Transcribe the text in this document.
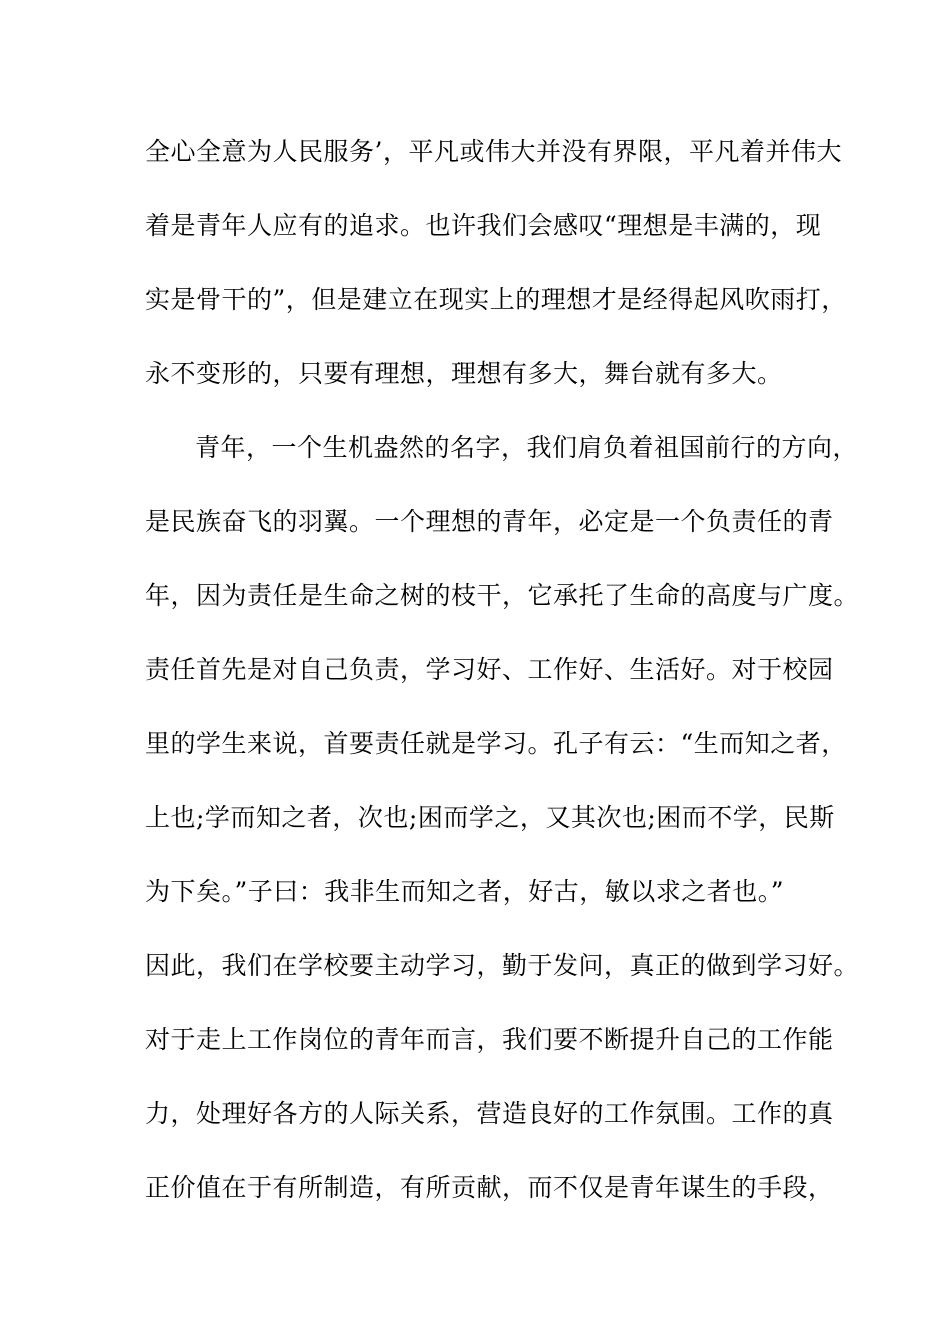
全心全意为人民服务’，平凡或伟大并没有界限，平凡着并伟大
着是青年人应有的追求。也许我们会感叹“理想是丰满的，现
实是骨干的”，但是建立在现实上的理想才是经得起风吹雨打，
永不变形的，只要有理想，理想有多大，舞台就有多大。
青年，一个生机盎然的名字，我们肩负着祖国前行的方向，
是民族奋飞的羽翼。一个理想的青年，必定是一个负责任的青
年，因为责任是生命之树的枝干，它承托了生命的高度与广度。
责任首先是对自己负责，学习好、工作好、生活好。对于校园
里的学生来说，首要责任就是学习。孔子有云：“生而知之者，
上也;学而知之者，次也;困而学之，又其次也;困而不学，民斯
为下矣。”子曰：我非生而知之者，好古，敏以求之者也。”
因此，我们在学校要主动学习，勤于发问，真正的做到学习好。
对于走上工作岗位的青年而言，我们要不断提升自己的工作能
力，处理好各方的人际关系，营造良好的工作氛围。工作的真
正价值在于有所制造，有所贡献，而不仅是青年谋生的手段，
